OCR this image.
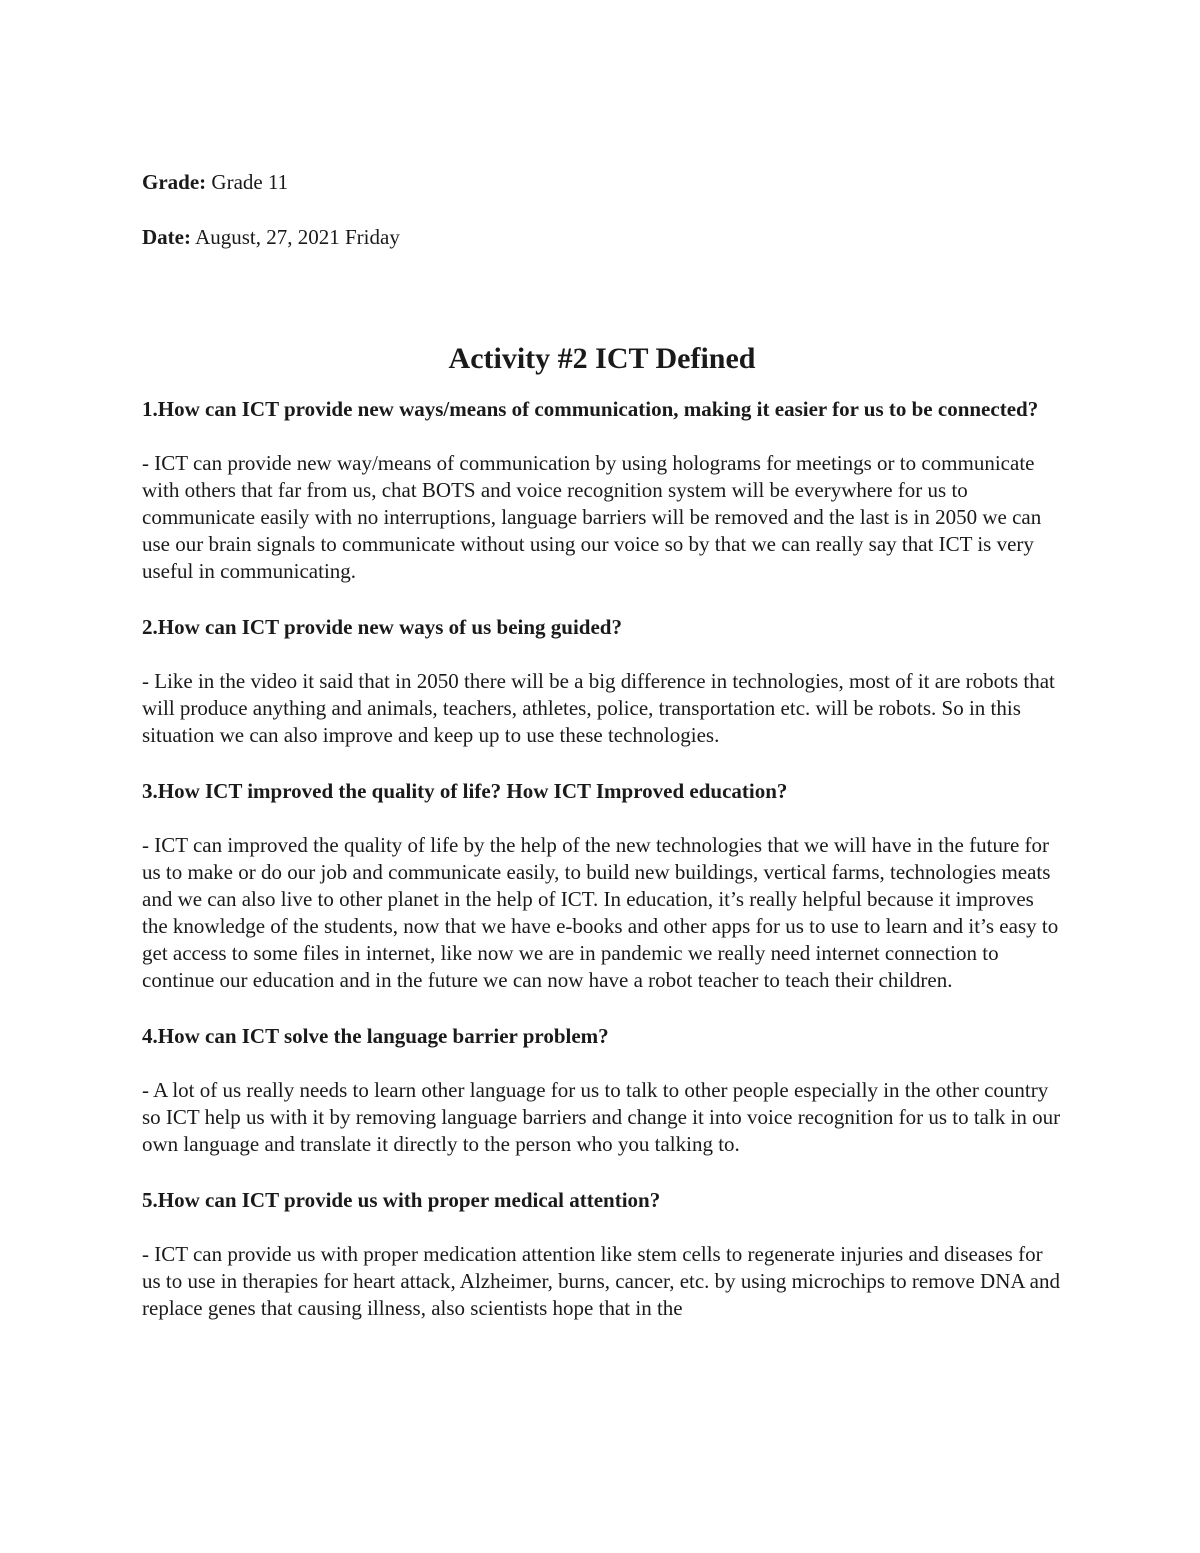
Grade: Grade 11

Date: August, 27, 2021 Friday

Activity #2 ICT Defined

1.How can ICT provide new ways/means of communication, making it easier for us to be connected?

- ICT can provide new way/means of communication by using holograms for meetings or to communicate with others that far from us, chat BOTS and voice recognition system will be everywhere for us to communicate easily with no interruptions, language barriers will be removed and the last is in 2050 we can use our brain signals to communicate without using our voice so by that we can really say that ICT is very useful in communicating.

2.How can ICT provide new ways of us being guided?

- Like in the video it said that in 2050 there will be a big difference in technologies, most of it are robots that will produce anything and animals, teachers, athletes, police, transportation etc. will be robots. So in this situation we can also improve and keep up to use these technologies.

3.How ICT improved the quality of life? How ICT Improved education?

- ICT can improved the quality of life by the help of the new technologies that we will have in the future for us to make or do our job and communicate easily, to build new buildings, vertical farms, technologies meats and we can also live to other planet in the help of ICT. In education, it’s really helpful because it improves the knowledge of the students, now that we have e-books and other apps for us to use to learn and it’s easy to get access to some files in internet, like now we are in pandemic we really need internet connection to continue our education and in the future we can now have a robot teacher to teach their children.

4.How can ICT solve the language barrier problem?

- A lot of us really needs to learn other language for us to talk to other people especially in the other country so ICT help us with it by removing language barriers and change it into voice recognition for us to talk in our own language and translate it directly to the person who you talking to.

5.How can ICT provide us with proper medical attention?

- ICT can provide us with proper medication attention like stem cells to regenerate injuries and diseases for us to use in therapies for heart attack, Alzheimer, burns, cancer, etc. by using microchips to remove DNA and replace genes that causing illness, also scientists hope that in the
